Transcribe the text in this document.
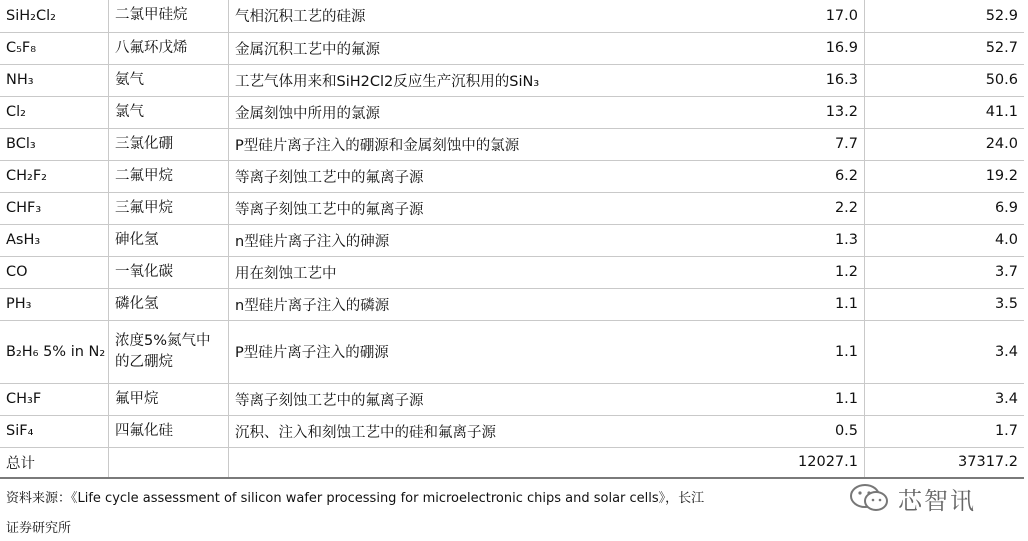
SiH₂Cl₂	二氯甲硅烷	气相沉积工艺的硅源	17.0	52.9
C₅F₈	八氟环戊烯	金属沉积工艺中的氟源	16.9	52.7
NH₃	氨气	工艺气体用来和SiH2Cl2反应生产沉积用的SiN₃	16.3	50.6
Cl₂	氯气	金属刻蚀中所用的氯源	13.2	41.1
BCl₃	三氯化硼	P型硅片离子注入的硼源和金属刻蚀中的氯源	7.7	24.0
CH₂F₂	二氟甲烷	等离子刻蚀工艺中的氟离子源	6.2	19.2
CHF₃	三氟甲烷	等离子刻蚀工艺中的氟离子源	2.2	6.9
AsH₃	砷化氢	n型硅片离子注入的砷源	1.3	4.0
CO	一氧化碳	用在刻蚀工艺中	1.2	3.7
PH₃	磷化氢	n型硅片离子注入的磷源	1.1	3.5
B₂H₆ 5% in N₂	浓度5%氮气中的乙硼烷	P型硅片离子注入的硼源	1.1	3.4
CH₃F	氟甲烷	等离子刻蚀工艺中的氟离子源	1.1	3.4
SiF₄	四氟化硅	沉积、注入和刻蚀工艺中的硅和氟离子源	0.5	1.7
总计			12027.1	37317.2
资料来源：《Life cycle assessment of silicon wafer processing for microelectronic chips and solar cells》，长江
证券研究所
芯智讯
